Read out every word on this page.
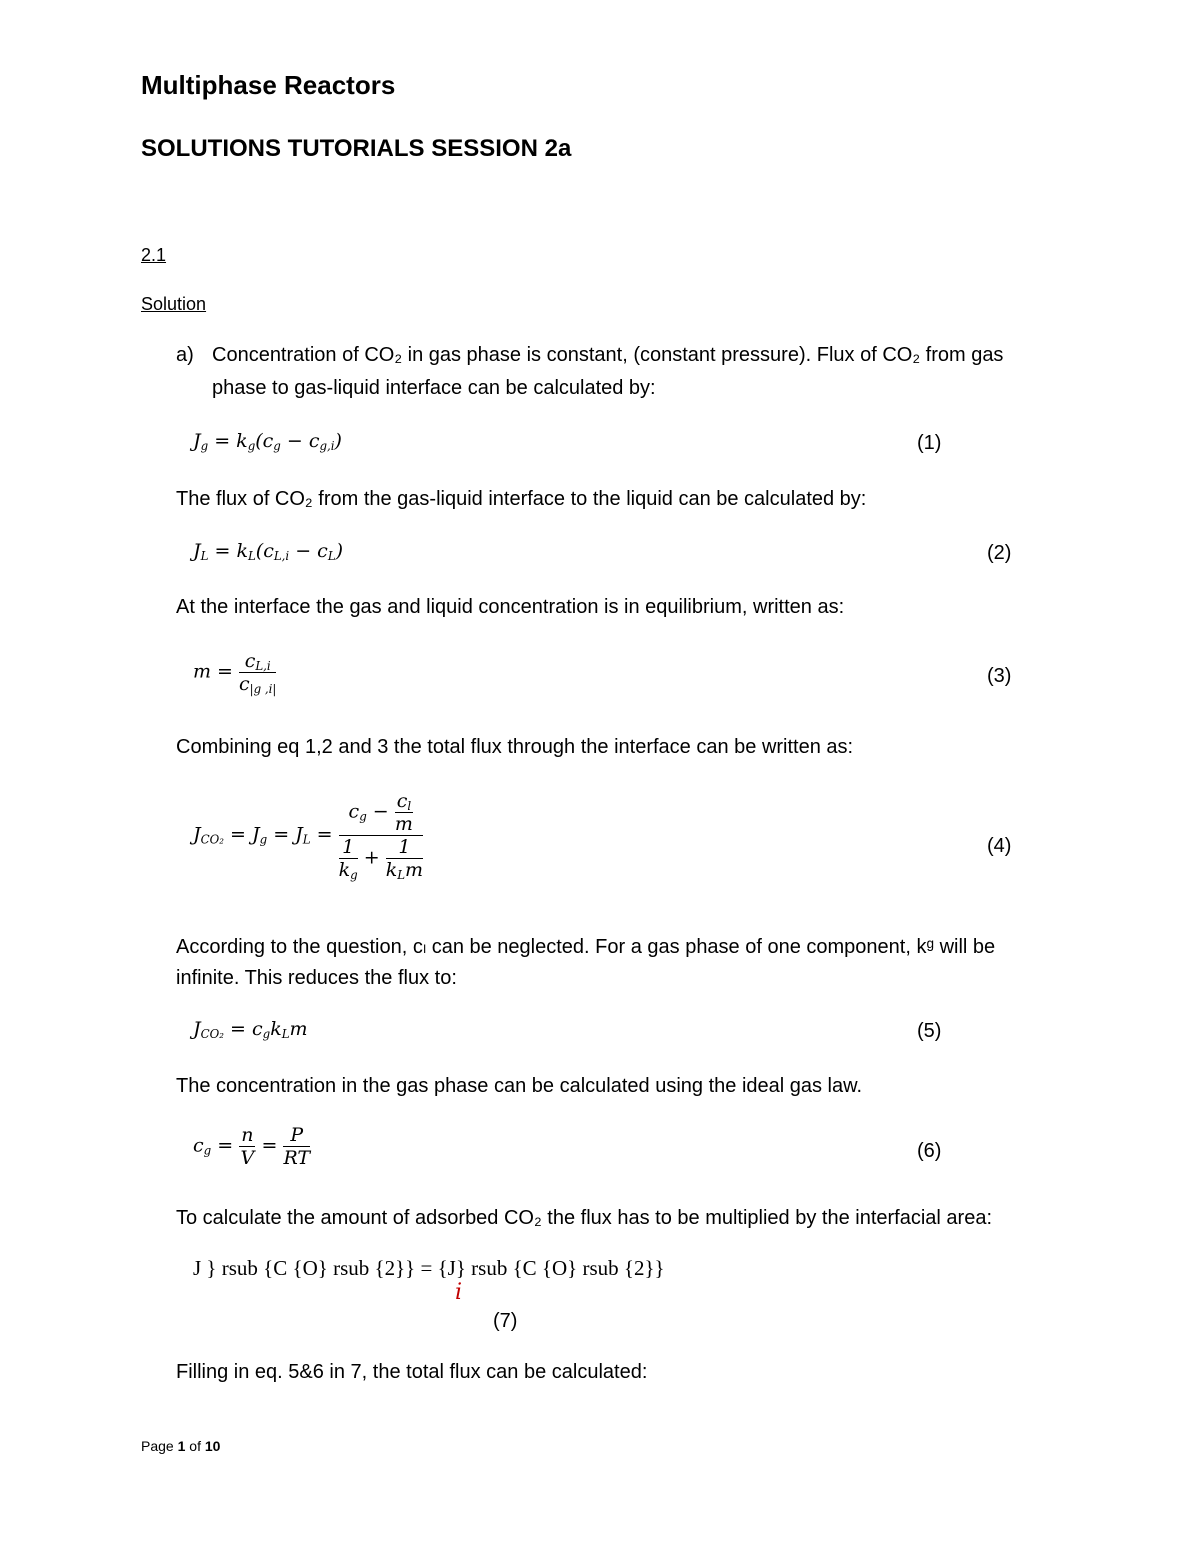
Multiphase Reactors
SOLUTIONS TUTORIALS SESSION 2a
2.1
Solution
a) Concentration of CO₂ in gas phase is constant, (constant pressure). Flux of CO₂ from gas
phase to gas-liquid interface can be calculated by:
$J_g = k_g(c_g - c_{g,i})$	(1)
The flux of CO₂ from the gas-liquid interface to the liquid can be calculated by:
$J_L = k_L(c_{L,i} - c_L)$	(2)
At the interface the gas and liquid concentration is in equilibrium, written as:
$m = \frac{c_{L,i}}{c_{|g ,i|}}$	(3)
Combining eq 1,2 and 3 the total flux through the interface can be written as:
$J_{CO_2} = J_g = J_L = \frac{c_g - \frac{c_l}{m}}{\frac{1}{k_g} + \frac{1}{k_Lm}}$	(4)
According to the question, cₗ can be neglected. For a gas phase of one component, kᵍ will be
infinite. This reduces the flux to:
$J_{CO_2} = c_gk_Lm$	(5)
The concentration in the gas phase can be calculated using the ideal gas law.
$c_g = \frac{n}{V} = \frac{P}{RT}$	(6)
To calculate the amount of adsorbed CO₂ the flux has to be multiplied by the interfacial area:
J } rsub {C {O} rsub {2}} = {J} rsub {C {O} rsub {2}}
i
(7)
Filling in eq. 5&6 in 7, the total flux can be calculated:
Page 1 of 10
